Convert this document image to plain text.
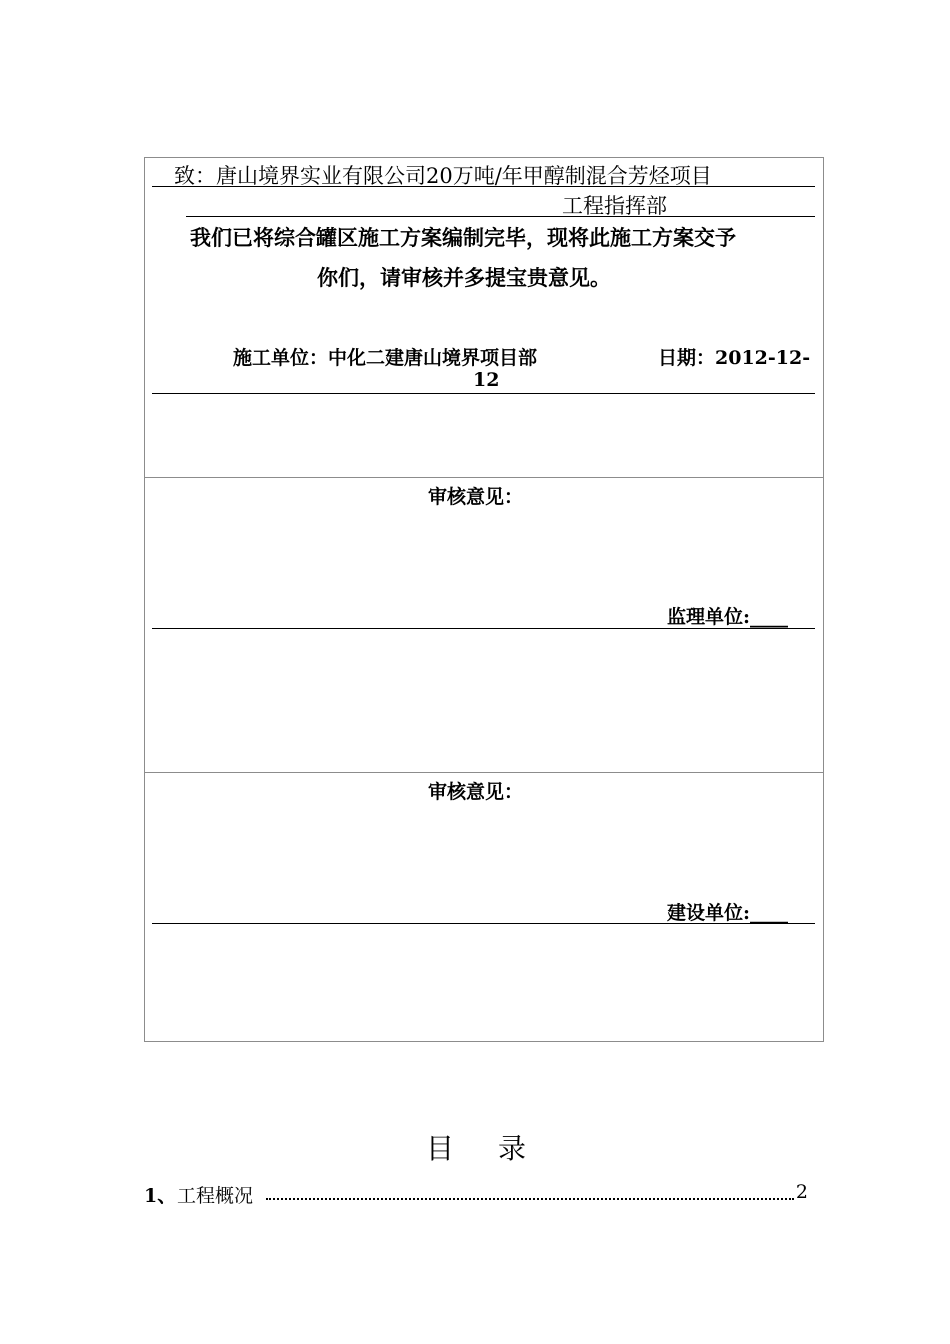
致：唐山境界实业有限公司20万吨/年甲醇制混合芳烃项目
工程指挥部
我们已将综合罐区施工方案编制完毕，现将此施工方案交予
你们，请审核并多提宝贵意见。
施工单位：中化二建唐山境界项目部	日期：2012-12-
12
审核意见：
监理单位:____
审核意见：
建设单位:____
目 录
1、 工程概况	2
